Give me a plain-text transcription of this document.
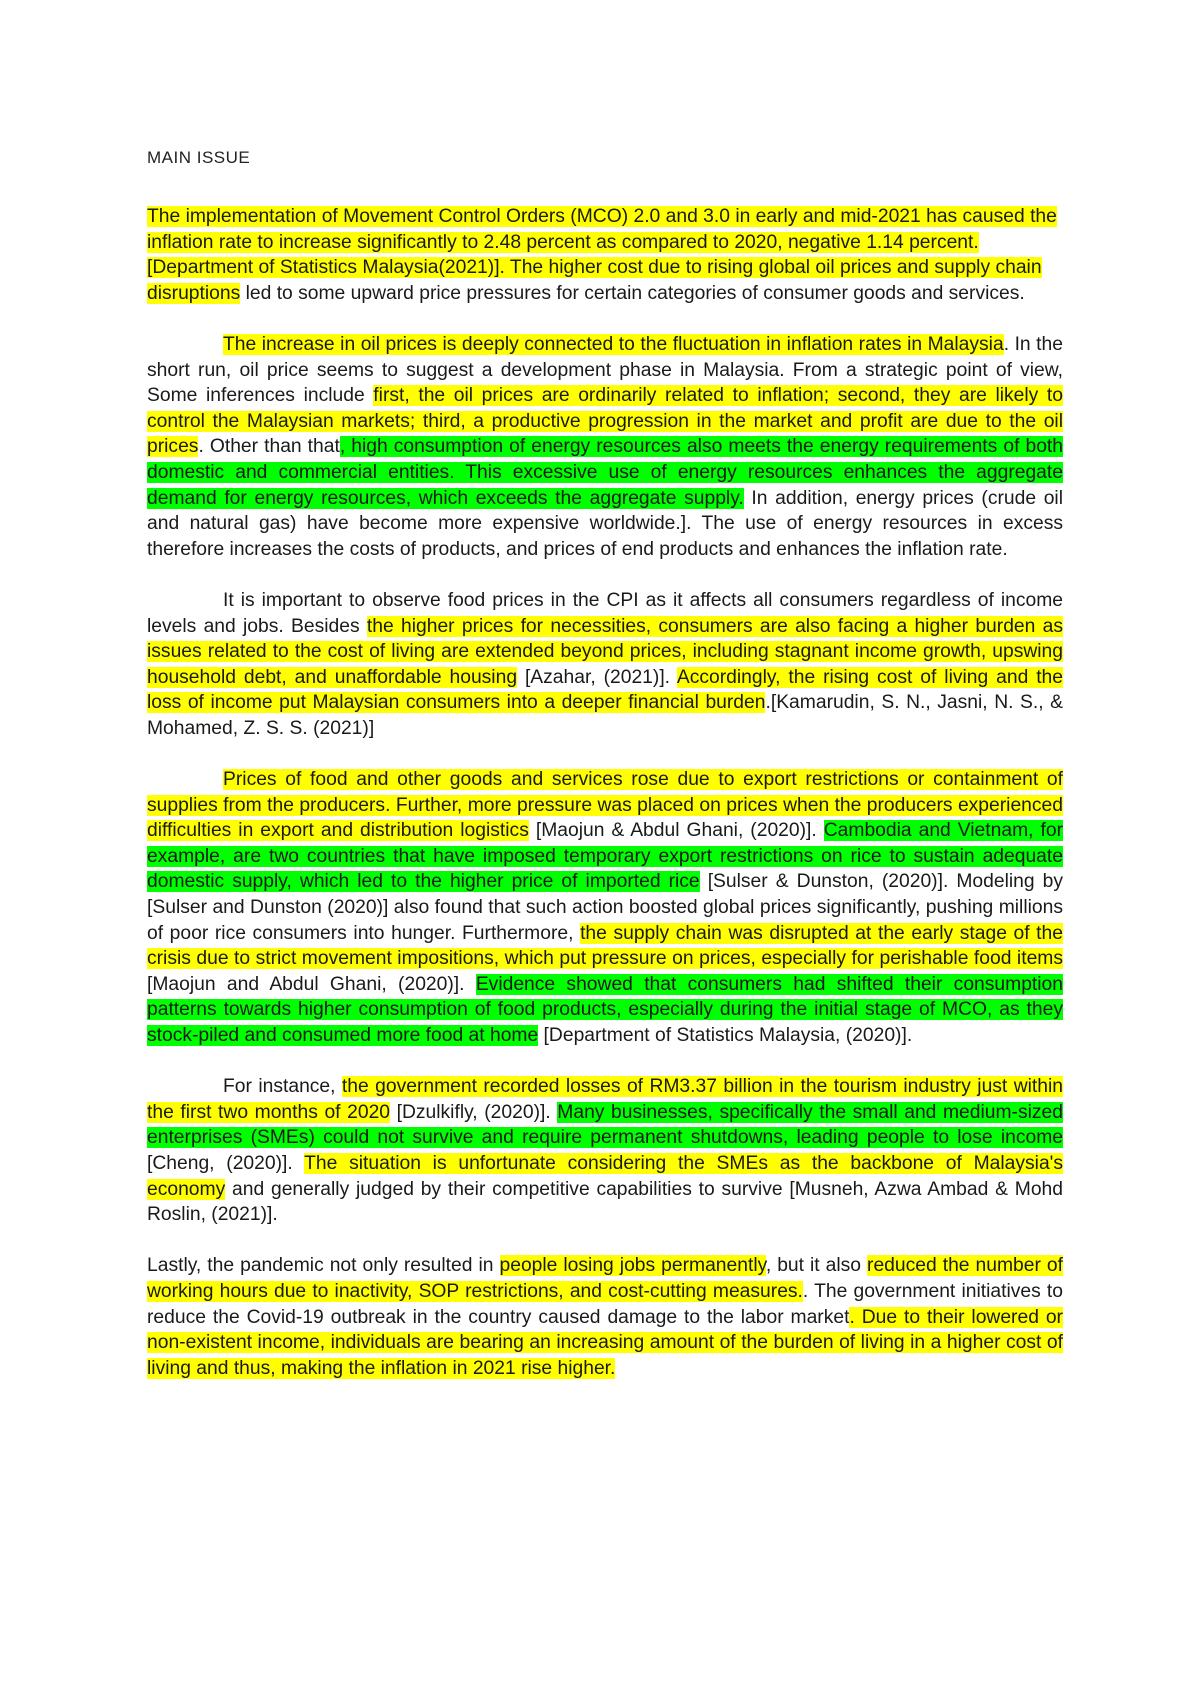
MAIN ISSUE

The implementation of Movement Control Orders (MCO) 2.0 and 3.0 in early and mid-2021 has caused the inflation rate to increase significantly to 2.48 percent as compared to 2020, negative 1.14 percent.[Department of Statistics Malaysia(2021)]. The higher cost due to rising global oil prices and supply chain disruptions led to some upward price pressures for certain categories of consumer goods and services.

The increase in oil prices is deeply connected to the fluctuation in inflation rates in Malaysia. In the short run, oil price seems to suggest a development phase in Malaysia. From a strategic point of view, Some inferences include first, the oil prices are ordinarily related to inflation; second, they are likely to control the Malaysian markets; third, a productive progression in the market and profit are due to the oil prices. Other than that, high consumption of energy resources also meets the energy requirements of both domestic and commercial entities. This excessive use of energy resources enhances the aggregate demand for energy resources, which exceeds the aggregate supply. In addition, energy prices (crude oil and natural gas) have become more expensive worldwide.]. The use of energy resources in excess therefore increases the costs of products, and prices of end products and enhances the inflation rate.

It is important to observe food prices in the CPI as it affects all consumers regardless of income levels and jobs. Besides the higher prices for necessities, consumers are also facing a higher burden as issues related to the cost of living are extended beyond prices, including stagnant income growth, upswing household debt, and unaffordable housing [Azahar, (2021)]. Accordingly, the rising cost of living and the loss of income put Malaysian consumers into a deeper financial burden.[Kamarudin, S. N., Jasni, N. S., & Mohamed, Z. S. S. (2021)]

Prices of food and other goods and services rose due to export restrictions or containment of supplies from the producers. Further, more pressure was placed on prices when the producers experienced difficulties in export and distribution logistics [Maojun & Abdul Ghani, (2020)]. Cambodia and Vietnam, for example, are two countries that have imposed temporary export restrictions on rice to sustain adequate domestic supply, which led to the higher price of imported rice [Sulser & Dunston, (2020)]. Modeling by [Sulser and Dunston (2020)] also found that such action boosted global prices significantly, pushing millions of poor rice consumers into hunger. Furthermore, the supply chain was disrupted at the early stage of the crisis due to strict movement impositions, which put pressure on prices, especially for perishable food items [Maojun and Abdul Ghani, (2020)]. Evidence showed that consumers had shifted their consumption patterns towards higher consumption of food products, especially during the initial stage of MCO, as they stock-piled and consumed more food at home [Department of Statistics Malaysia, (2020)].

For instance, the government recorded losses of RM3.37 billion in the tourism industry just within the first two months of 2020 [Dzulkifly, (2020)]. Many businesses, specifically the small and medium-sized enterprises (SMEs) could not survive and require permanent shutdowns, leading people to lose income [Cheng, (2020)]. The situation is unfortunate considering the SMEs as the backbone of Malaysia's economy and generally judged by their competitive capabilities to survive [Musneh, Azwa Ambad & Mohd Roslin, (2021)].

Lastly, the pandemic not only resulted in people losing jobs permanently, but it also reduced the number of working hours due to inactivity, SOP restrictions, and cost-cutting measures.. The government initiatives to reduce the Covid-19 outbreak in the country caused damage to the labor market. Due to their lowered or non-existent income, individuals are bearing an increasing amount of the burden of living in a higher cost of living and thus, making the inflation in 2021 rise higher.
